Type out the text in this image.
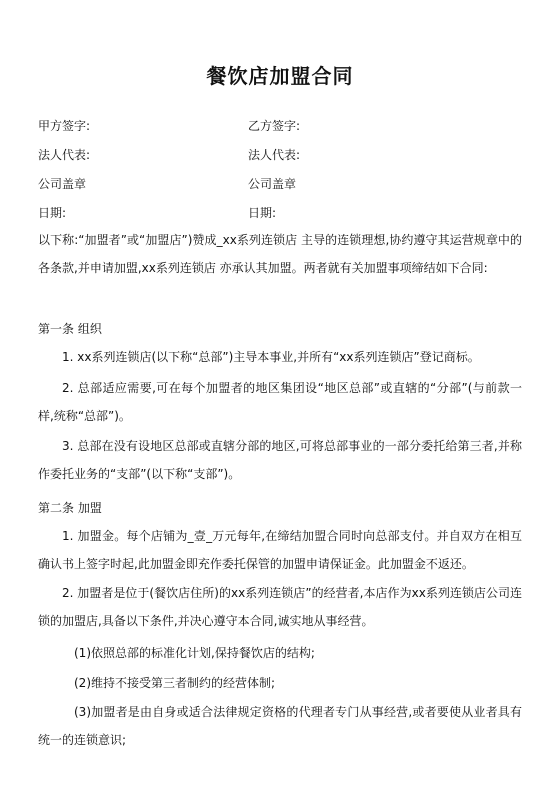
餐饮店加盟合同
甲方签字:	乙方签字:
法人代表:	法人代表:
公司盖章	公司盖章
日期:	日期:

以下称:“加盟者”或“加盟店”)赞成_xx系列连锁店 主导的连锁理想,协约遵守其运营规章中的各条款,并申请加盟,xx系列连锁店 亦承认其加盟。两者就有关加盟事项缔结如下合同:

第一条 组织

1. xx系列连锁店(以下称“总部”)主导本事业,并所有“xx系列连锁店”登记商标。

2. 总部适应需要,可在每个加盟者的地区集团设“地区总部”或直辖的“分部”(与前款一样,统称“总部”)。

3. 总部在没有设地区总部或直辖分部的地区,可将总部事业的一部分委托给第三者,并称作委托业务的“支部”(以下称“支部”)。

第二条 加盟

1. 加盟金。每个店铺为_壹_万元每年,在缔结加盟合同时向总部支付。并自双方在相互确认书上签字时起,此加盟金即充作委托保管的加盟申请保证金。此加盟金不返还。

2. 加盟者是位于(餐饮店住所)的xx系列连锁店”的经营者,本店作为xx系列连锁店公司连锁的加盟店,具备以下条件,并决心遵守本合同,诚实地从事经营。

(1)依照总部的标准化计划,保持餐饮店的结构;

(2)维持不接受第三者制约的经营体制;

(3)加盟者是由自身或适合法律规定资格的代理者专门从事经营,或者要使从业者具有统一的连锁意识;
